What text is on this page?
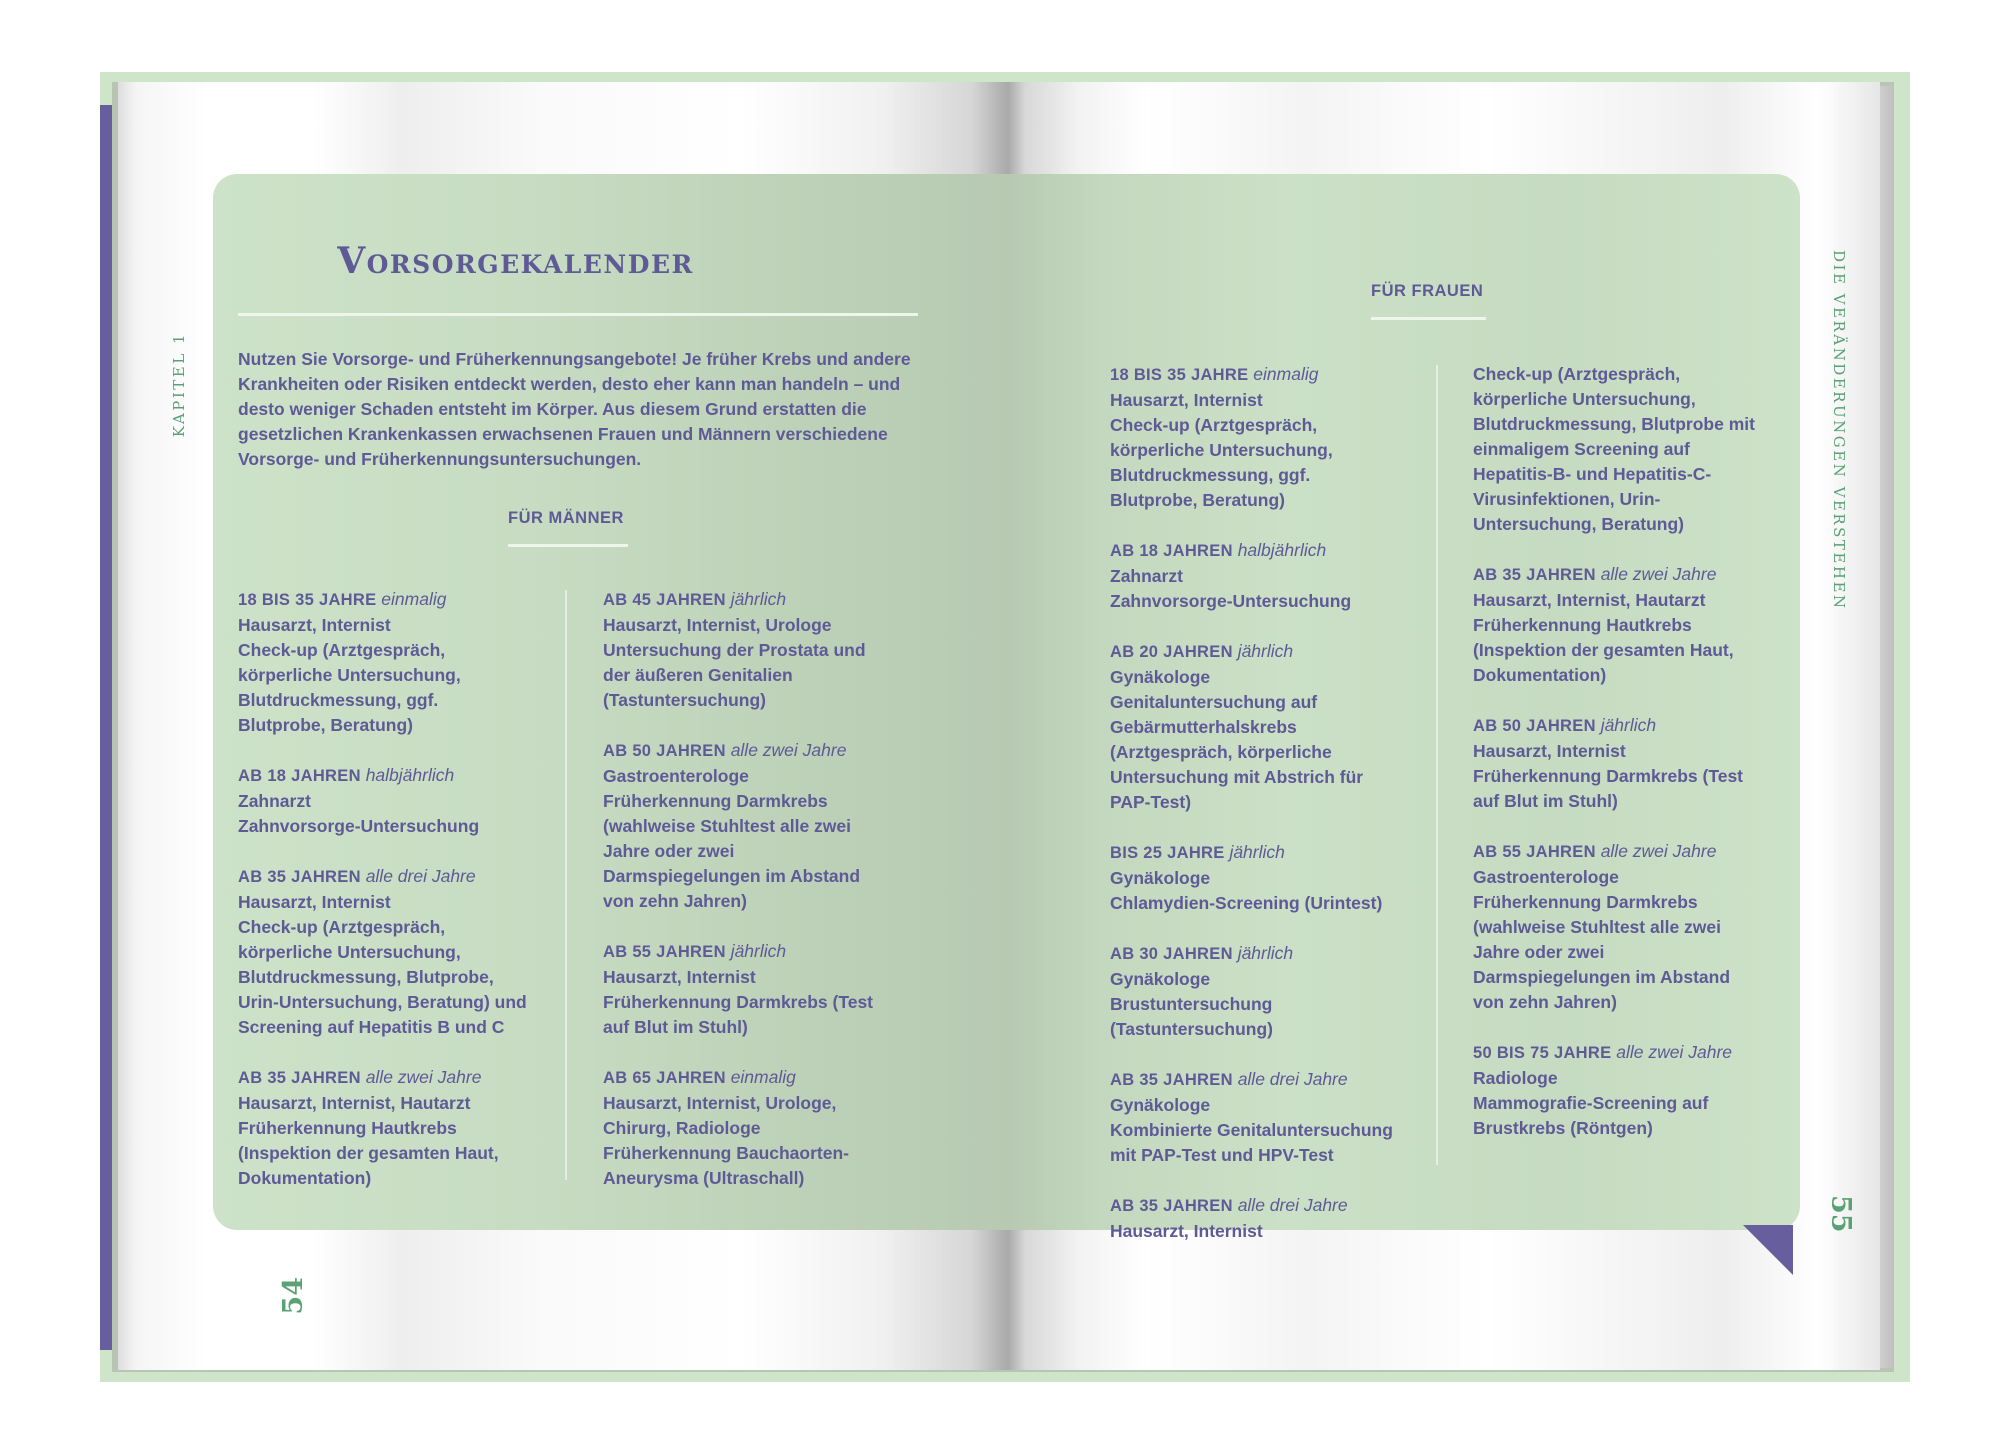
KAPITEL 1
Vorsorgekalender

Nutzen Sie Vorsorge- und Früherkennungsangebote! Je früher Krebs und andere Krankheiten oder Risiken entdeckt werden, desto eher kann man handeln – und desto weniger Schaden entsteht im Körper. Aus diesem Grund erstatten die gesetzlichen Krankenkassen erwachsenen Frauen und Männern verschiedene Vorsorge- und Früherkennungsuntersuchungen.

FÜR MÄNNER
18 BIS 35 JAHRE einmalig
Hausarzt, Internist
Check-up (Arztgespräch, körperliche Untersuchung, Blutdruckmessung, ggf. Blutprobe, Beratung)
AB 18 JAHREN halbjährlich
Zahnarzt
Zahnvorsorge-Untersuchung
AB 35 JAHREN alle drei Jahre
Hausarzt, Internist
Check-up (Arztgespräch, körperliche Untersuchung, Blutdruckmessung, Blutprobe, Urin-Untersuchung, Beratung) und Screening auf Hepatitis B und C
AB 35 JAHREN alle zwei Jahre
Hausarzt, Internist, Hautarzt
Früherkennung Hautkrebs (Inspektion der gesamten Haut, Dokumentation)
AB 45 JAHREN jährlich
Hausarzt, Internist, Urologe
Untersuchung der Prostata und der äußeren Genitalien (Tastuntersuchung)
AB 50 JAHREN alle zwei Jahre
Gastroenterologe
Früherkennung Darmkrebs (wahlweise Stuhltest alle zwei Jahre oder zwei Darmspiegelungen im Abstand von zehn Jahren)
AB 55 JAHREN jährlich
Hausarzt, Internist
Früherkennung Darmkrebs (Test auf Blut im Stuhl)
AB 65 JAHREN einmalig
Hausarzt, Internist, Urologe, Chirurg, Radiologe
Früherkennung Bauchaorten-Aneurysma (Ultraschall)
54
FÜR FRAUEN
18 BIS 35 JAHRE einmalig
Hausarzt, Internist
Check-up (Arztgespräch, körperliche Untersuchung, Blutdruckmessung, ggf. Blutprobe, Beratung)
AB 18 JAHREN halbjährlich
Zahnarzt
Zahnvorsorge-Untersuchung
AB 20 JAHREN jährlich
Gynäkologe
Genitaluntersuchung auf Gebärmutterhalskrebs (Arztgespräch, körperliche Untersuchung mit Abstrich für PAP-Test)
BIS 25 JAHRE jährlich
Gynäkologe
Chlamydien-Screening (Urintest)
AB 30 JAHREN jährlich
Gynäkologe
Brustuntersuchung (Tastuntersuchung)
AB 35 JAHREN alle drei Jahre
Gynäkologe
Kombinierte Genitaluntersuchung mit PAP-Test und HPV-Test
AB 35 JAHREN alle drei Jahre
Hausarzt, Internist
Check-up (Arztgespräch, körperliche Untersuchung, Blutdruckmessung, Blutprobe mit einmaligem Screening auf Hepatitis-B- und Hepatitis-C-Virusinfektionen, Urin-Untersuchung, Beratung)
AB 35 JAHREN alle zwei Jahre
Hausarzt, Internist, Hautarzt
Früherkennung Hautkrebs (Inspektion der gesamten Haut, Dokumentation)
AB 50 JAHREN jährlich
Hausarzt, Internist
Früherkennung Darmkrebs (Test auf Blut im Stuhl)
AB 55 JAHREN alle zwei Jahre
Gastroenterologe
Früherkennung Darmkrebs (wahlweise Stuhltest alle zwei Jahre oder zwei Darmspiegelungen im Abstand von zehn Jahren)
50 BIS 75 JAHRE alle zwei Jahre
Radiologe
Mammografie-Screening auf Brustkrebs (Röntgen)
DIE VERÄNDERUNGEN VERSTEHEN
55
